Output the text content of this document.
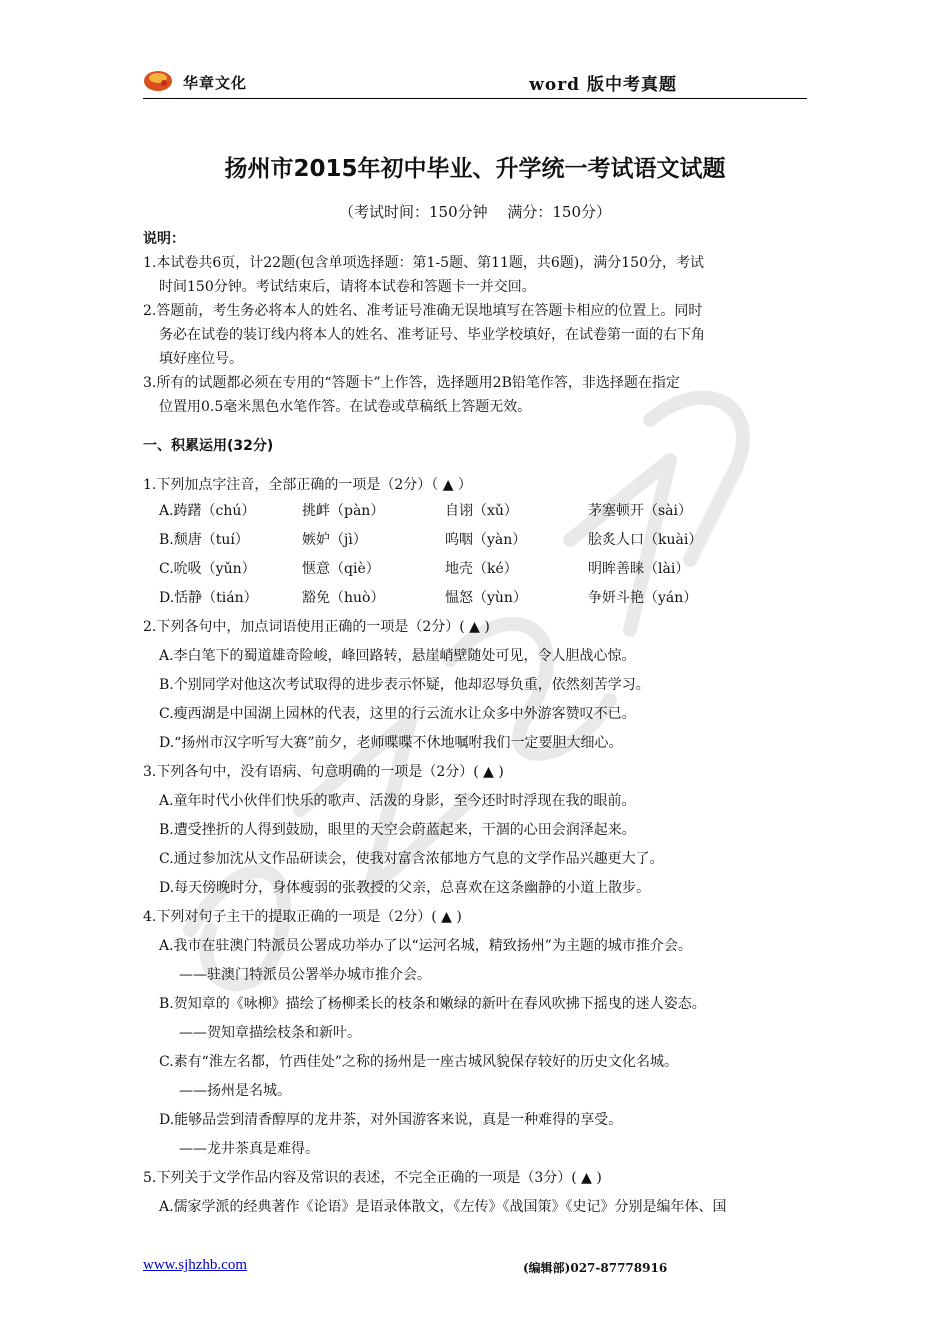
华章文化	word 版中考真题
扬州市2015年初中毕业、升学统一考试语文试题
（考试时间：150分钟　 满分：150分）
说明：
1.本试卷共6页，计22题(包含单项选择题：第1-5题、第11题，共6题)，满分150分，考试
时间150分钟。考试结束后，请将本试卷和答题卡一并交回。
2.答题前，考生务必将本人的姓名、准考证号准确无误地填写在答题卡相应的位置上。同时
务必在试卷的装订线内将本人的姓名、准考证号、毕业学校填好，在试卷第一面的右下角
填好座位号。
3.所有的试题都必须在专用的“答题卡”上作答，选择题用2B铅笔作答，非选择题在指定
位置用0.5毫米黑色水笔作答。在试卷或草稿纸上答题无效。
一、积累运用(32分)
1.下列加点字注音，全部正确的一项是（2分）（ ▲ ）
A.踌躇（chú）	挑衅（pàn）	自诩（xǔ）	茅塞顿开（sài）
B.颓唐（tuí）	嫉妒（jì）	呜咽（yàn）	脍炙人口（kuài）
C.吮吸（yǔn）	惬意（qiè）	地壳（ké）	明眸善睐（lài）
D.恬静（tián）	豁免（huò）	愠怒（yùn）	争妍斗艳（yán）
2.下列各句中，加点词语使用正确的一项是（2分）( ▲ )
A.李白笔下的蜀道雄奇险峻，峰回路转，悬崖峭壁随处可见，令人胆战心惊。
B.个别同学对他这次考试取得的进步表示怀疑，他却忍辱负重，依然刻苦学习。
C.瘦西湖是中国湖上园林的代表，这里的行云流水让众多中外游客赞叹不已。
D.“扬州市汉字听写大赛”前夕，老师喋喋不休地嘱咐我们一定要胆大细心。
3.下列各句中，没有语病、句意明确的一项是（2分）( ▲ )
A.童年时代小伙伴们快乐的歌声、活泼的身影，至今还时时浮现在我的眼前。
B.遭受挫折的人得到鼓励，眼里的天空会蔚蓝起来，干涸的心田会润泽起来。
C.通过参加沈从文作品研读会，使我对富含浓郁地方气息的文学作品兴趣更大了。
D.每天傍晚时分，身体瘦弱的张教授的父亲，总喜欢在这条幽静的小道上散步。
4.下列对句子主干的提取正确的一项是（2分）( ▲ )
A.我市在驻澳门特派员公署成功举办了以“运河名城，精致扬州”为主题的城市推介会。
——驻澳门特派员公署举办城市推介会。
B.贺知章的《咏柳》描绘了杨柳柔长的枝条和嫩绿的新叶在春风吹拂下摇曳的迷人姿态。
——贺知章描绘枝条和新叶。
C.素有“淮左名都，竹西佳处”之称的扬州是一座古城风貌保存较好的历史文化名城。
——扬州是名城。
D.能够品尝到清香醇厚的龙井茶，对外国游客来说，真是一种难得的享受。
——龙井茶真是难得。
5.下列关于文学作品内容及常识的表述，不完全正确的一项是（3分）( ▲ )
A.儒家学派的经典著作《论语》是语录体散文，《左传》《战国策》《史记》分别是编年体、国
www.sjhzhb.com	(编辑部)027-87778916
